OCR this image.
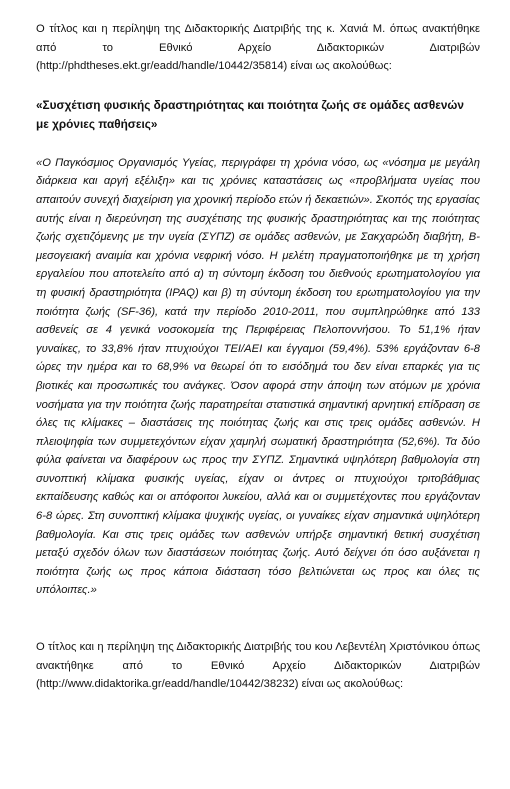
Ο τίτλος και η περίληψη της Διδακτορικής Διατριβής της κ. Χανιά Μ. όπως ανακτήθηκε από το Εθνικό Αρχείο Διδακτορικών Διατριβών (http://phdtheses.ekt.gr/eadd/handle/10442/35814) είναι ως ακολούθως:

«Συσχέτιση φυσικής δραστηριότητας και ποιότητα ζωής σε ομάδες ασθενών με χρόνιες παθήσεις»

«Ο Παγκόσμιος Οργανισμός Υγείας, περιγράφει τη χρόνια νόσο, ως «νόσημα με μεγάλη διάρκεια και αργή εξέλιξη» και τις χρόνιες καταστάσεις ως «προβλήματα υγείας που απαιτούν συνεχή διαχείριση για χρονική περίοδο ετών ή δεκαετιών». Σκοπός της εργασίας αυτής είναι η διερεύνηση της συσχέτισης της φυσικής δραστηριότητας και της ποιότητας ζωής σχετιζόμενης με την υγεία (ΣΥΠΖ) σε ομάδες ασθενών, με Σακχαρώδη διαβήτη, Β-μεσογειακή αναιμία και χρόνια νεφρική νόσο. Η μελέτη πραγματοποιήθηκε με τη χρήση εργαλείου που αποτελείτο από α) τη σύντομη έκδοση του διεθνούς ερωτηματολογίου για τη φυσική δραστηριότητα (IPAQ) και β) τη σύντομη έκδοση του ερωτηματολογίου για την ποιότητα ζωής (SF-36), κατά την περίοδο 2010-2011, που συμπληρώθηκε από 133 ασθενείς σε 4 γενικά νοσοκομεία της Περιφέρειας Πελοποννήσου. Το 51,1% ήταν γυναίκες, το 33,8% ήταν πτυχιούχοι ΤΕΙ/ΑΕΙ και έγγαμοι (59,4%). 53% εργάζονταν 6-8 ώρες την ημέρα και το 68,9% να θεωρεί ότι το εισόδημά του δεν είναι επαρκές για τις βιοτικές και προσωπικές του ανάγκες. Όσον αφορά στην άποψη των ατόμων με χρόνια νοσήματα για την ποιότητα ζωής παρατηρείται στατιστικά σημαντική αρνητική επίδραση σε όλες τις κλίμακες – διαστάσεις της ποιότητας ζωής και στις τρεις ομάδες ασθενών. Η πλειοψηφία των συμμετεχόντων είχαν χαμηλή σωματική δραστηριότητα (52,6%). Τα δύο φύλα φαίνεται να διαφέρουν ως προς την ΣΥΠΖ. Σημαντικά υψηλότερη βαθμολογία στη συνοπτική κλίμακα φυσικής υγείας, είχαν οι άντρες οι πτυχιούχοι τριτοβάθμιας εκπαίδευσης καθώς και οι απόφοιτοι λυκείου, αλλά και οι συμμετέχοντες που εργάζονταν 6-8 ώρες. Στη συνοπτική κλίμακα ψυχικής υγείας, οι γυναίκες είχαν σημαντικά υψηλότερη βαθμολογία. Και στις τρεις ομάδες των ασθενών υπήρξε σημαντική θετική συσχέτιση μεταξύ σχεδόν όλων των διαστάσεων ποιότητας ζωής. Αυτό δείχνει ότι όσο αυξάνεται η ποιότητα ζωής ως προς κάποια διάσταση τόσο βελτιώνεται ως προς και όλες τις υπόλοιπες.»

Ο τίτλος και η περίληψη της Διδακτορικής Διατριβής του κου Λεβεντέλη Χριστόνικου όπως ανακτήθηκε από το Εθνικό Αρχείο Διδακτορικών Διατριβών (http://www.didaktorika.gr/eadd/handle/10442/38232) είναι ως ακολούθως:
